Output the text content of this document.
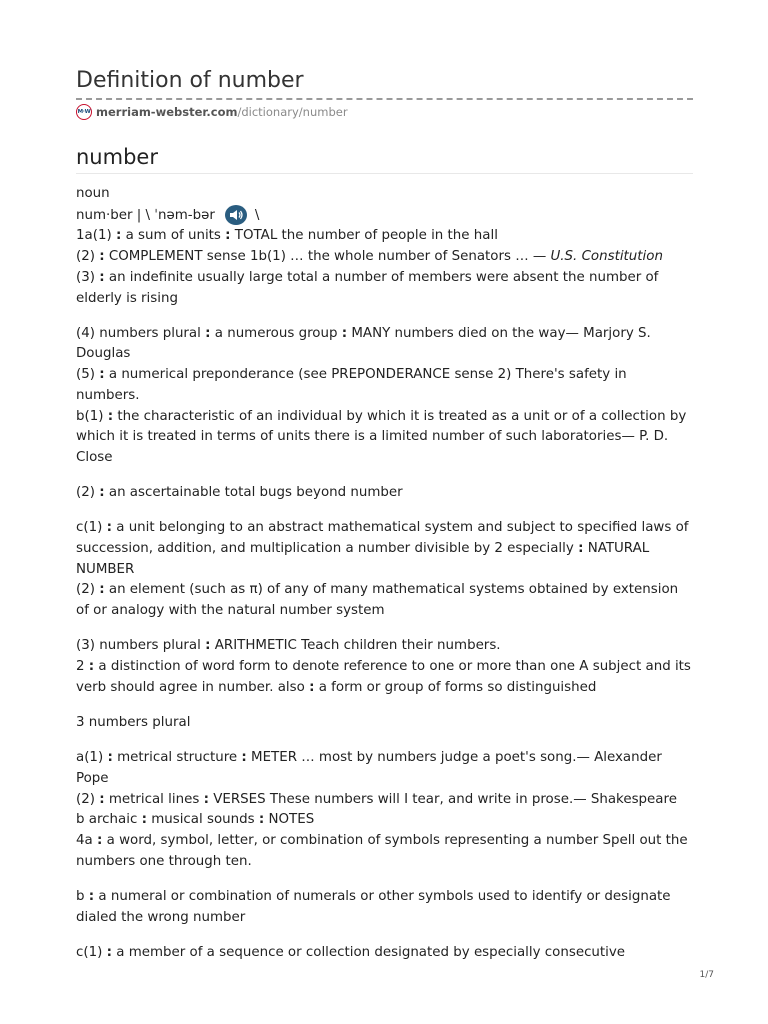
Definition of number
M·W merriam-webster.com /dictionary/number
number

noun
num·ber | \ ˈnəm-bər	\
1a(1) : a sum of units : TOTAL the number of people in the hall
(2) : COMPLEMENT sense 1b(1) … the whole number of Senators … — U.S. Constitution
(3) : an indefinite usually large total a number of members were absent the number of elderly is rising

(4) numbers plural : a numerous group : MANY numbers died on the way— Marjory S. Douglas
(5) : a numerical preponderance (see PREPONDERANCE sense 2) There's safety in numbers.
b(1) : the characteristic of an individual by which it is treated as a unit or of a collection by which it is treated in terms of units there is a limited number of such laboratories— P. D. Close

(2) : an ascertainable total bugs beyond number

c(1) : a unit belonging to an abstract mathematical system and subject to specified laws of succession, addition, and multiplication a number divisible by 2 especially : NATURAL NUMBER
(2) : an element (such as π) of any of many mathematical systems obtained by extension of or analogy with the natural number system

(3) numbers plural : ARITHMETIC Teach children their numbers.
2 : a distinction of word form to denote reference to one or more than one A subject and its verb should agree in number. also : a form or group of forms so distinguished

3 numbers plural

a(1) : metrical structure : METER … most by numbers judge a poet's song.— Alexander Pope
(2) : metrical lines : VERSES These numbers will I tear, and write in prose.— Shakespeare
b archaic : musical sounds : NOTES
4a : a word, symbol, letter, or combination of symbols representing a number Spell out the numbers one through ten.

b : a numeral or combination of numerals or other symbols used to identify or designate dialed the wrong number

c(1) : a member of a sequence or collection designated by especially consecutive

1/7
